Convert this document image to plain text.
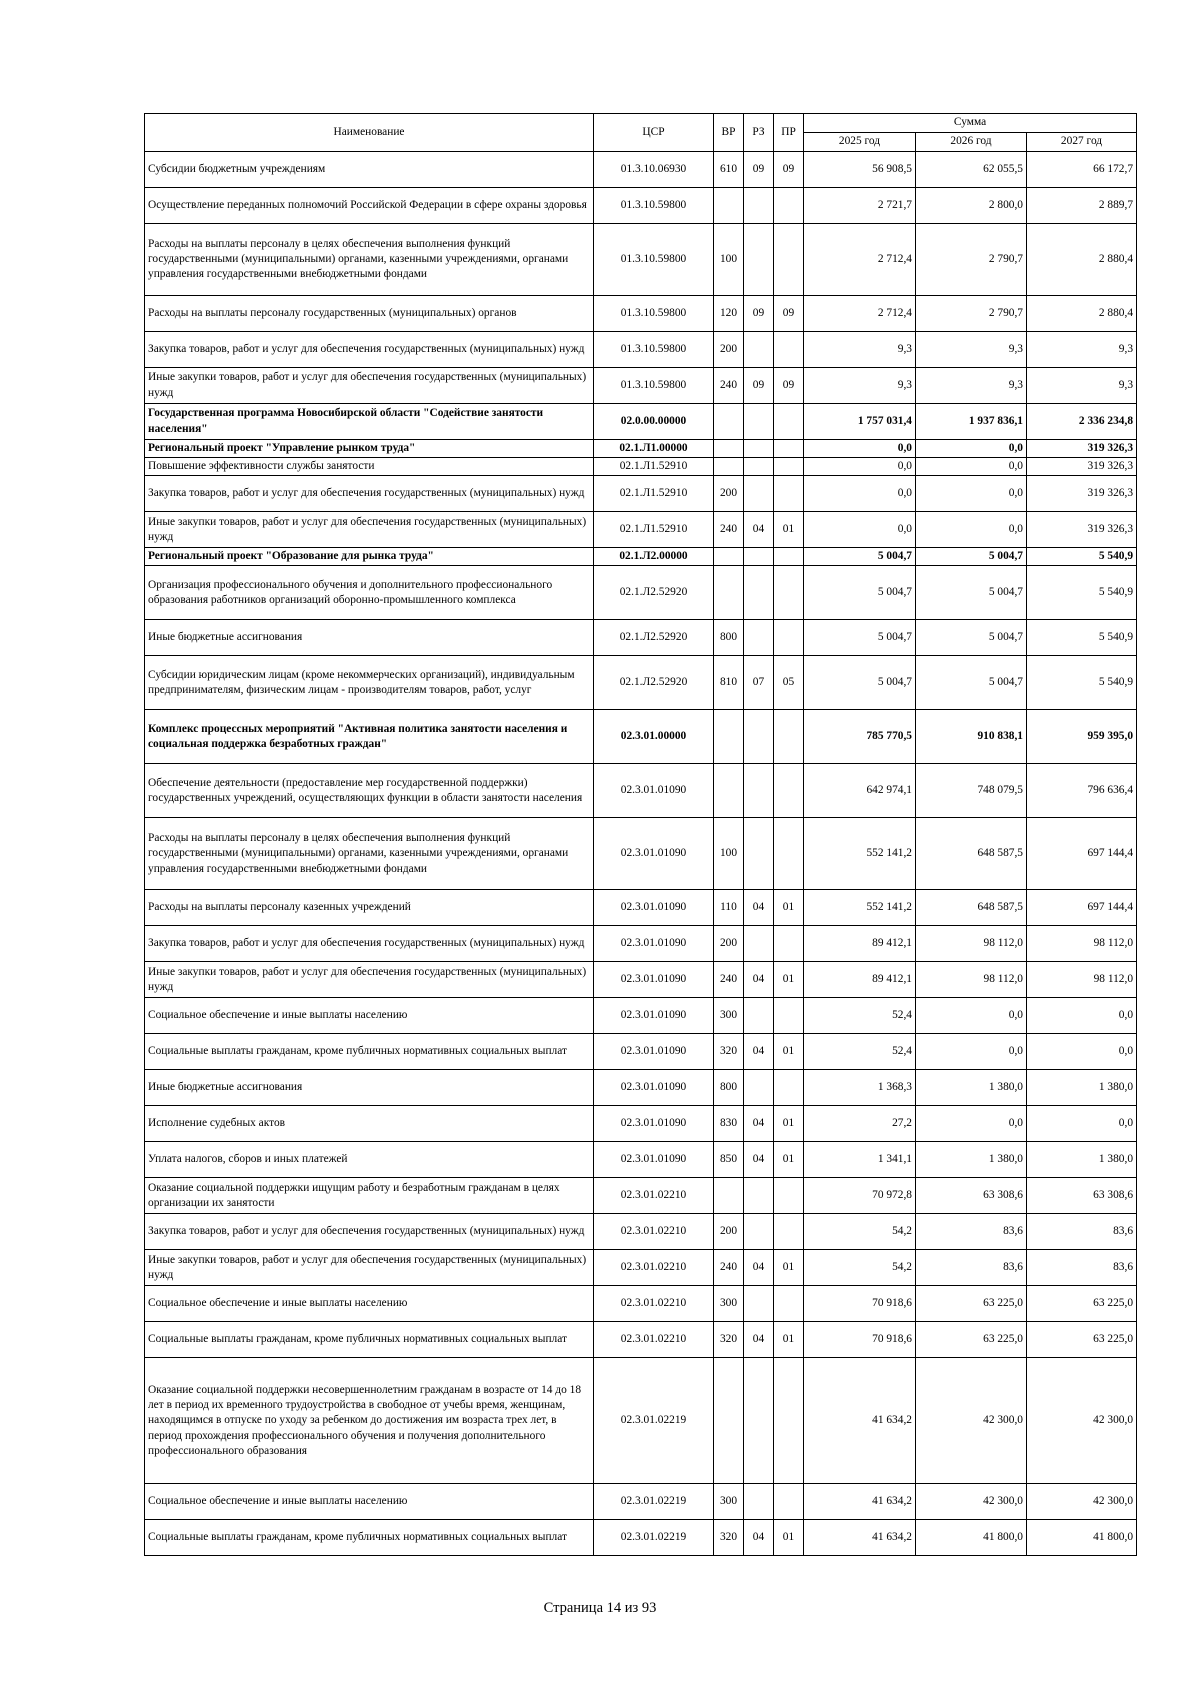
Наименование	ЦСР	ВР	РЗ	ПР	Сумма		
					2025 год	2026 год	2027 год
Субсидии бюджетным учреждениям	01.3.10.06930	610	09	09	56 908,5	62 055,5	66 172,7
Осуществление переданных полномочий Российской Федерации в сфере охраны здоровья	01.3.10.59800				2 721,7	2 800,0	2 889,7
Расходы на выплаты персоналу в целях обеспечения выполнения функций государственными (муниципальными) органами, казенными учреждениями, органами управления государственными внебюджетными фондами	01.3.10.59800	100			2 712,4	2 790,7	2 880,4
Расходы на выплаты персоналу государственных (муниципальных) органов	01.3.10.59800	120	09	09	2 712,4	2 790,7	2 880,4
Закупка товаров, работ и услуг для обеспечения государственных (муниципальных) нужд	01.3.10.59800	200			9,3	9,3	9,3
Иные закупки товаров, работ и услуг для обеспечения государственных (муниципальных) нужд	01.3.10.59800	240	09	09	9,3	9,3	9,3
Государственная программа Новосибирской области "Содействие занятости населения"	02.0.00.00000				1 757 031,4	1 937 836,1	2 336 234,8
Региональный проект "Управление рынком труда"	02.1.Л1.00000				0,0	0,0	319 326,3
Повышение эффективности службы занятости	02.1.Л1.52910				0,0	0,0	319 326,3
Закупка товаров, работ и услуг для обеспечения государственных (муниципальных) нужд	02.1.Л1.52910	200			0,0	0,0	319 326,3
Иные закупки товаров, работ и услуг для обеспечения государственных (муниципальных) нужд	02.1.Л1.52910	240	04	01	0,0	0,0	319 326,3
Региональный проект "Образование для рынка труда"	02.1.Л2.00000				5 004,7	5 004,7	5 540,9
Организация профессионального обучения и дополнительного профессионального образования работников организаций оборонно-промышленного комплекса	02.1.Л2.52920				5 004,7	5 004,7	5 540,9
Иные бюджетные ассигнования	02.1.Л2.52920	800			5 004,7	5 004,7	5 540,9
Субсидии юридическим лицам (кроме некоммерческих организаций), индивидуальным предпринимателям, физическим лицам - производителям товаров, работ, услуг	02.1.Л2.52920	810	07	05	5 004,7	5 004,7	5 540,9
Комплекс процессных мероприятий "Активная политика занятости населения и социальная поддержка безработных граждан"	02.3.01.00000				785 770,5	910 838,1	959 395,0
Обеспечение деятельности (предоставление мер государственной поддержки) государственных учреждений, осуществляющих функции в области занятости населения	02.3.01.01090				642 974,1	748 079,5	796 636,4
Расходы на выплаты персоналу в целях обеспечения выполнения функций государственными (муниципальными) органами, казенными учреждениями, органами управления государственными внебюджетными фондами	02.3.01.01090	100			552 141,2	648 587,5	697 144,4
Расходы на выплаты персоналу казенных учреждений	02.3.01.01090	110	04	01	552 141,2	648 587,5	697 144,4
Закупка товаров, работ и услуг для обеспечения государственных (муниципальных) нужд	02.3.01.01090	200			89 412,1	98 112,0	98 112,0
Иные закупки товаров, работ и услуг для обеспечения государственных (муниципальных) нужд	02.3.01.01090	240	04	01	89 412,1	98 112,0	98 112,0
Социальное обеспечение и иные выплаты населению	02.3.01.01090	300			52,4	0,0	0,0
Социальные выплаты гражданам, кроме публичных нормативных социальных выплат	02.3.01.01090	320	04	01	52,4	0,0	0,0
Иные бюджетные ассигнования	02.3.01.01090	800			1 368,3	1 380,0	1 380,0
Исполнение судебных актов	02.3.01.01090	830	04	01	27,2	0,0	0,0
Уплата налогов, сборов и иных платежей	02.3.01.01090	850	04	01	1 341,1	1 380,0	1 380,0
Оказание социальной поддержки ищущим работу и безработным гражданам в целях организации их занятости	02.3.01.02210				70 972,8	63 308,6	63 308,6
Закупка товаров, работ и услуг для обеспечения государственных (муниципальных) нужд	02.3.01.02210	200			54,2	83,6	83,6
Иные закупки товаров, работ и услуг для обеспечения государственных (муниципальных) нужд	02.3.01.02210	240	04	01	54,2	83,6	83,6
Социальное обеспечение и иные выплаты населению	02.3.01.02210	300			70 918,6	63 225,0	63 225,0
Социальные выплаты гражданам, кроме публичных нормативных социальных выплат	02.3.01.02210	320	04	01	70 918,6	63 225,0	63 225,0
Оказание социальной поддержки несовершеннолетним гражданам в возрасте от 14 до 18 лет в период их временного трудоустройства в свободное от учебы время, женщинам, находящимся в отпуске по уходу за ребенком до достижения им возраста трех лет, в период прохождения профессионального обучения и получения дополнительного профессионального образования	02.3.01.02219				41 634,2	42 300,0	42 300,0
Социальное обеспечение и иные выплаты населению	02.3.01.02219	300			41 634,2	42 300,0	42 300,0
Социальные выплаты гражданам, кроме публичных нормативных социальных выплат	02.3.01.02219	320	04	01	41 634,2	41 800,0	41 800,0
Страница 14 из 93
